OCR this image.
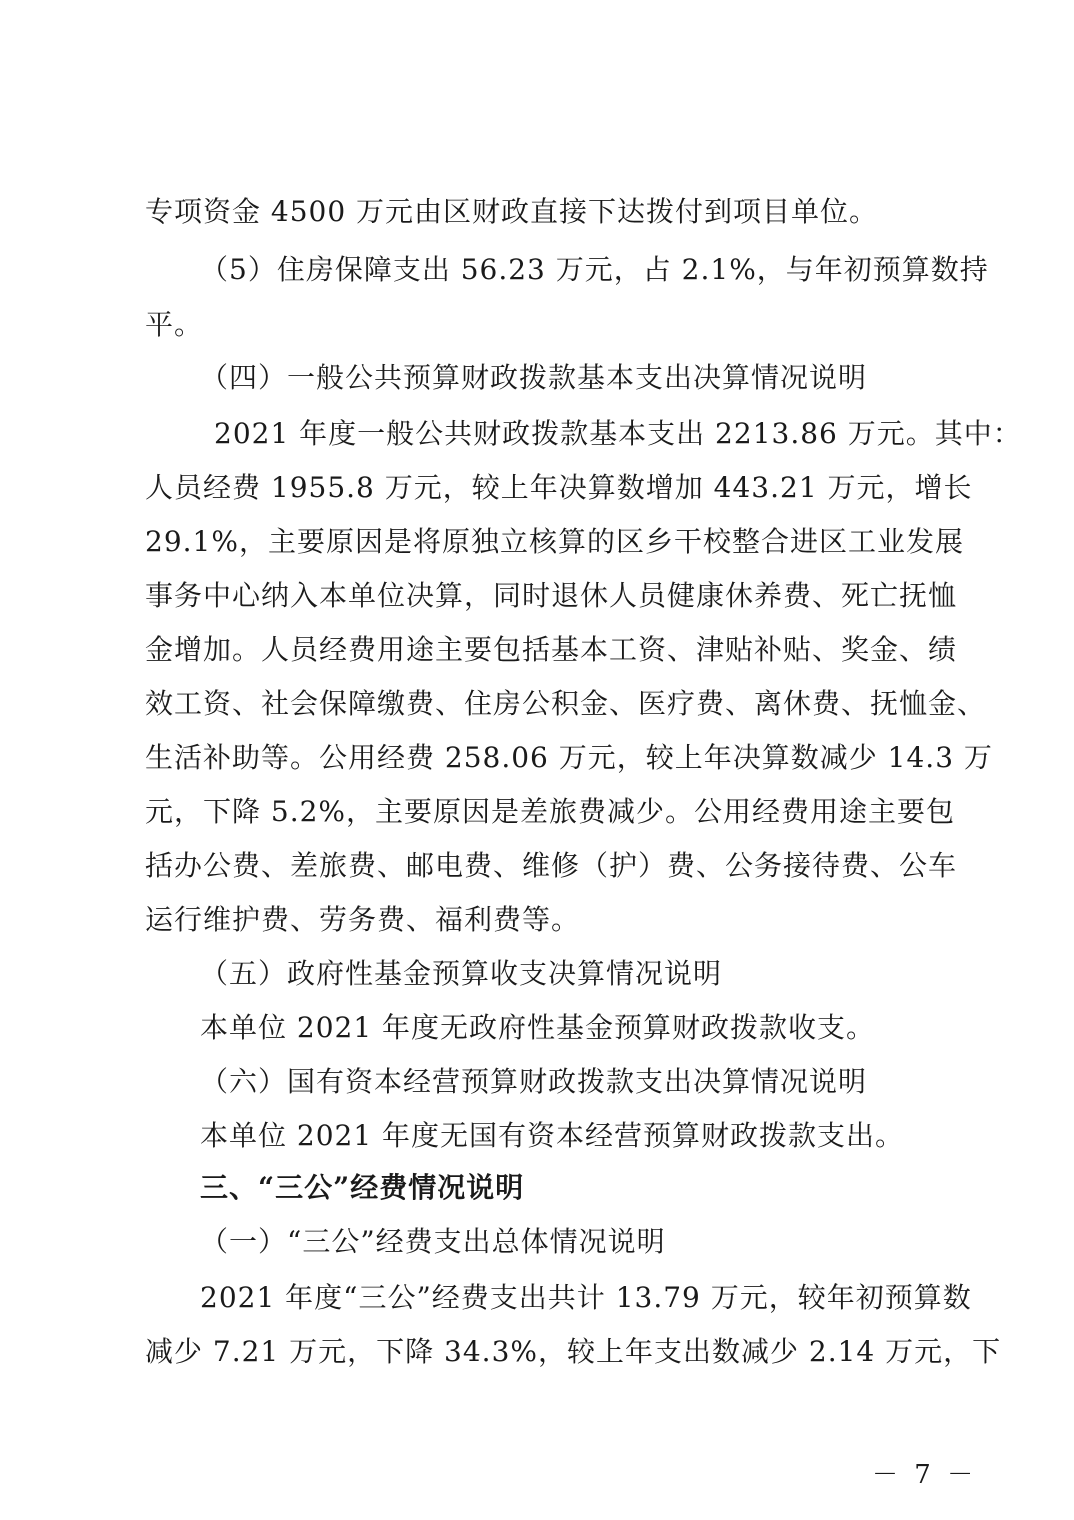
专项资金 4500 万元由区财政直接下达拨付到项目单位。
（5）住房保障支出 56.23 万元，占 2.1%，与年初预算数持
平。
（四）一般公共预算财政拨款基本支出决算情况说明
2021 年度一般公共财政拨款基本支出 2213.86 万元。其中：
人员经费 1955.8 万元，较上年决算数增加 443.21 万元，增长
29.1%，主要原因是将原独立核算的区乡干校整合进区工业发展
事务中心纳入本单位决算，同时退休人员健康休养费、死亡抚恤
金增加。人员经费用途主要包括基本工资、津贴补贴、奖金、绩
效工资、社会保障缴费、住房公积金、医疗费、离休费、抚恤金、
生活补助等。公用经费 258.06 万元，较上年决算数减少 14.3 万
元，下降 5.2%，主要原因是差旅费减少。公用经费用途主要包
括办公费、差旅费、邮电费、维修（护）费、公务接待费、公车
运行维护费、劳务费、福利费等。
（五）政府性基金预算收支决算情况说明
本单位 2021 年度无政府性基金预算财政拨款收支。
（六）国有资本经营预算财政拨款支出决算情况说明
本单位 2021 年度无国有资本经营预算财政拨款支出。
三、“三公”经费情况说明
（一）“三公”经费支出总体情况说明
2021 年度“三公”经费支出共计 13.79 万元，较年初预算数
减少 7.21 万元，下降 34.3%，较上年支出数减少 2.14 万元，下
－ 7 －
